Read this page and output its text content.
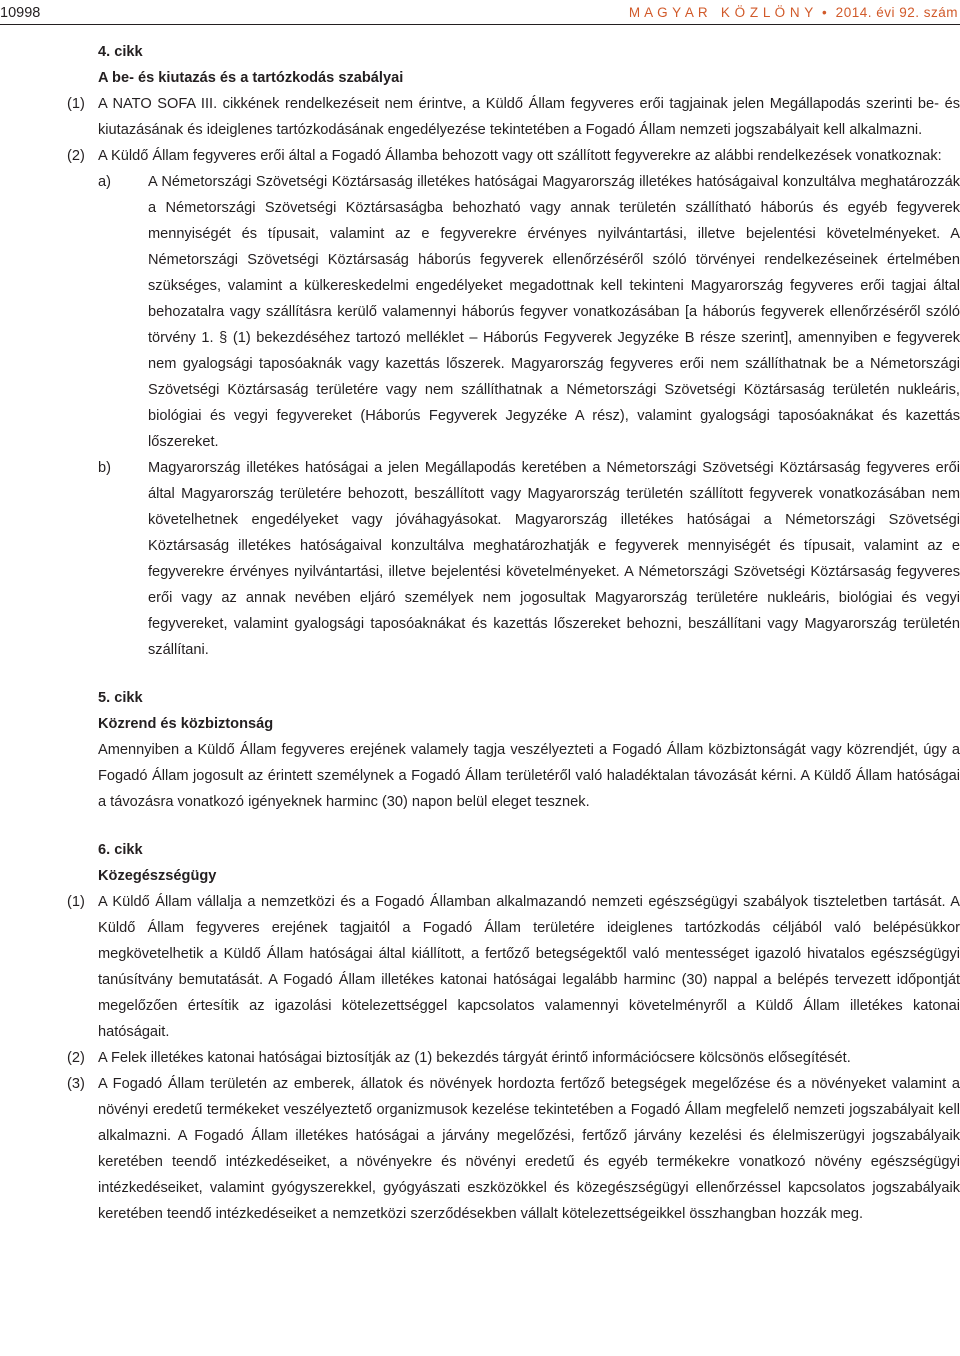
10998	M A G Y A R   K Ö Z L Ö N Y  •  2014. évi 92. szám
4. cikk
A be- és kiutazás és a tartózkodás szabályai
(1) A NATO SOFA III. cikkének rendelkezéseit nem érintve, a Küldő Állam fegyveres erői tagjainak jelen Megállapodás szerinti be- és kiutazásának és ideiglenes tartózkodásának engedélyezése tekintetében a Fogadó Állam nemzeti jogszabályait kell alkalmazni.
(2) A Küldő Állam fegyveres erői által a Fogadó Államba behozott vagy ott szállított fegyverekre az alábbi rendelkezések vonatkoznak:
a)	A Németországi Szövetségi Köztársaság illetékes hatóságai Magyarország illetékes hatóságaival konzultálva meghatározzák a Németországi Szövetségi Köztársaságba behozható vagy annak területén szállítható háborús és egyéb fegyverek mennyiségét és típusait, valamint az e fegyverekre érvényes nyilvántartási, illetve bejelentési követelményeket. A Németországi Szövetségi Köztársaság háborús fegyverek ellenőrzéséről szóló törvényei rendelkezéseinek értelmében szükséges, valamint a külkereskedelmi engedélyeket megadottnak kell tekinteni Magyarország fegyveres erői tagjai által behozatalra vagy szállításra kerülő valamennyi háborús fegyver vonatkozásában [a háborús fegyverek ellenőrzéséről szóló törvény 1. § (1) bekezdéséhez tartozó melléklet – Háborús Fegyverek Jegyzéke B része szerint], amennyiben e fegyverek nem gyalogsági taposóaknák vagy kazettás lőszerek. Magyarország fegyveres erői nem szállíthatnak be a Németországi Szövetségi Köztársaság területére vagy nem szállíthatnak a Németországi Szövetségi Köztársaság területén nukleáris, biológiai és vegyi fegyvereket (Háborús Fegyverek Jegyzéke A rész), valamint gyalogsági taposóaknákat és kazettás lőszereket.
b)	Magyarország illetékes hatóságai a jelen Megállapodás keretében a Németországi Szövetségi Köztársaság fegyveres erői által Magyarország területére behozott, beszállított vagy Magyarország területén szállított fegyverek vonatkozásában nem követelhetnek engedélyeket vagy jóváhagyásokat. Magyarország illetékes hatóságai a Németországi Szövetségi Köztársaság illetékes hatóságaival konzultálva meghatározhatják e fegyverek mennyiségét és típusait, valamint az e fegyverekre érvényes nyilvántartási, illetve bejelentési követelményeket. A Németországi Szövetségi Köztársaság fegyveres erői vagy az annak nevében eljáró személyek nem jogosultak Magyarország területére nukleáris, biológiai és vegyi fegyvereket, valamint gyalogsági taposóaknákat és kazettás lőszereket behozni, beszállítani vagy Magyarország területén szállítani.
5. cikk
Közrend és közbiztonság
Amennyiben a Küldő Állam fegyveres erejének valamely tagja veszélyezteti a Fogadó Állam közbiztonságát vagy közrendjét, úgy a Fogadó Állam jogosult az érintett személynek a Fogadó Állam területéről való haladéktalan távozását kérni. A Küldő Állam hatóságai a távozásra vonatkozó igényeknek harminc (30) napon belül eleget tesznek.
6. cikk
Közegészségügy
(1) A Küldő Állam vállalja a nemzetközi és a Fogadó Államban alkalmazandó nemzeti egészségügyi szabályok tiszteletben tartását. A Küldő Állam fegyveres erejének tagjaitól a Fogadó Állam területére ideiglenes tartózkodás céljából való belépésükkor megkövetelhetik a Küldő Állam hatóságai által kiállított, a fertőző betegségektől való mentességet igazoló hivatalos egészségügyi tanúsítvány bemutatását. A Fogadó Állam illetékes katonai hatóságai legalább harminc (30) nappal a belépés tervezett időpontját megelőzően értesítik az igazolási kötelezettséggel kapcsolatos valamennyi követelményről a Küldő Állam illetékes katonai hatóságait.
(2) A Felek illetékes katonai hatóságai biztosítják az (1) bekezdés tárgyát érintő információcsere kölcsönös elősegítését.
(3) A Fogadó Állam területén az emberek, állatok és növények hordozta fertőző betegségek megelőzése és a növényeket valamint a növényi eredetű termékeket veszélyeztető organizmusok kezelése tekintetében a Fogadó Állam megfelelő nemzeti jogszabályait kell alkalmazni. A Fogadó Állam illetékes hatóságai a járvány megelőzési, fertőző járvány kezelési és élelmiszerügyi jogszabályaik keretében teendő intézkedéseiket, a növényekre és növényi eredetű és egyéb termékekre vonatkozó növény egészségügyi intézkedéseiket, valamint gyógyszerekkel, gyógyászati eszközökkel és közegészségügyi ellenőrzéssel kapcsolatos jogszabályaik keretében teendő intézkedéseiket a nemzetközi szerződésekben vállalt kötelezettségeikkel összhangban hozzák meg.
